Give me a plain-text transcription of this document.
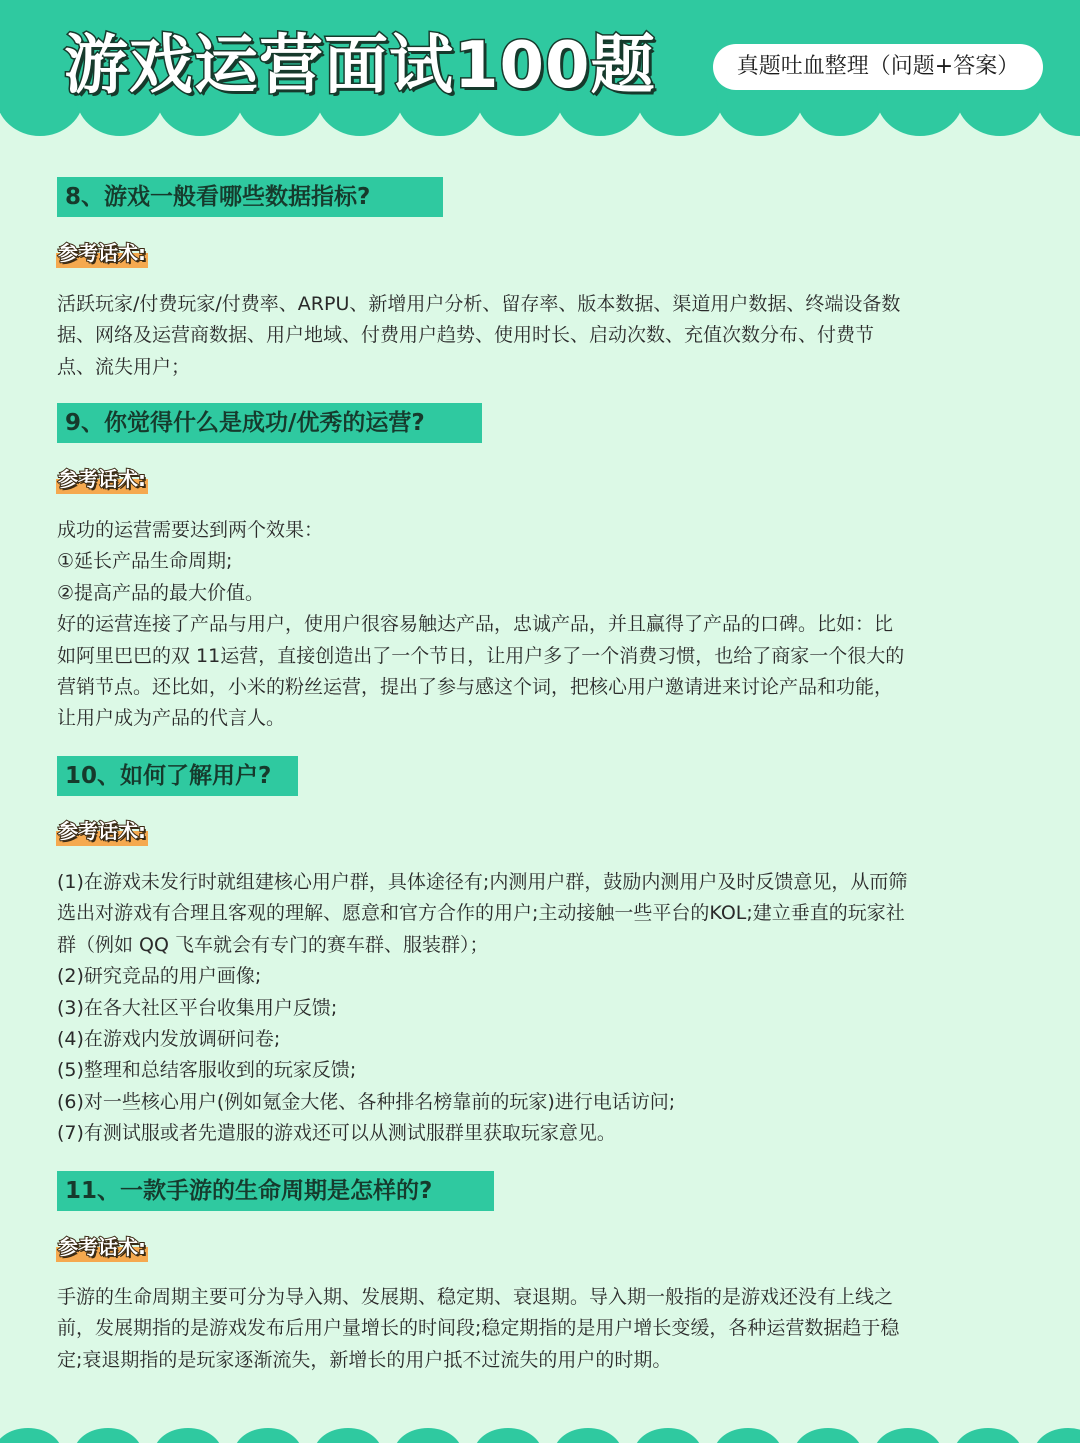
游戏运营面试100题	真题吐血整理（问题+答案）
8、游戏一般看哪些数据指标?
参考话术:
活跃玩家/付费玩家/付费率、ARPU、新增用户分析、留存率、版本数据、渠道用户数据、终端设备数
据、网络及运营商数据、用户地域、付费用户趋势、使用时长、启动次数、充值次数分布、付费节
点、流失用户；
9、你觉得什么是成功/优秀的运营?
参考话术:
成功的运营需要达到两个效果：
①延长产品生命周期;
②提高产品的最大价值。
好的运营连接了产品与用户，使用户很容易触达产品，忠诚产品，并且赢得了产品的口碑。比如：比
如阿里巴巴的双 11运营，直接创造出了一个节日，让用户多了一个消费习惯，也给了商家一个很大的
营销节点。还比如，小米的粉丝运营，提出了参与感这个词，把核心用户邀请进来讨论产品和功能，
让用户成为产品的代言人。
10、如何了解用户?
参考话术:
(1)在游戏未发行时就组建核心用户群，具体途径有;内测用户群，鼓励内测用户及时反馈意见，从而筛
选出对游戏有合理且客观的理解、愿意和官方合作的用户;主动接触一些平台的KOL;建立垂直的玩家社
群（例如 QQ 飞车就会有专门的赛车群、服装群）；
(2)研究竞品的用户画像;
(3)在各大社区平台收集用户反馈;
(4)在游戏内发放调研问卷;
(5)整理和总结客服收到的玩家反馈;
(6)对一些核心用户(例如氪金大佬、各种排名榜靠前的玩家)进行电话访问;
(7)有测试服或者先遣服的游戏还可以从测试服群里获取玩家意见。
11、一款手游的生命周期是怎样的?
参考话术:
手游的生命周期主要可分为导入期、发展期、稳定期、衰退期。导入期一般指的是游戏还没有上线之
前，发展期指的是游戏发布后用户量增长的时间段;稳定期指的是用户增长变缓，各种运营数据趋于稳
定;衰退期指的是玩家逐渐流失，新增长的用户抵不过流失的用户的时期。
